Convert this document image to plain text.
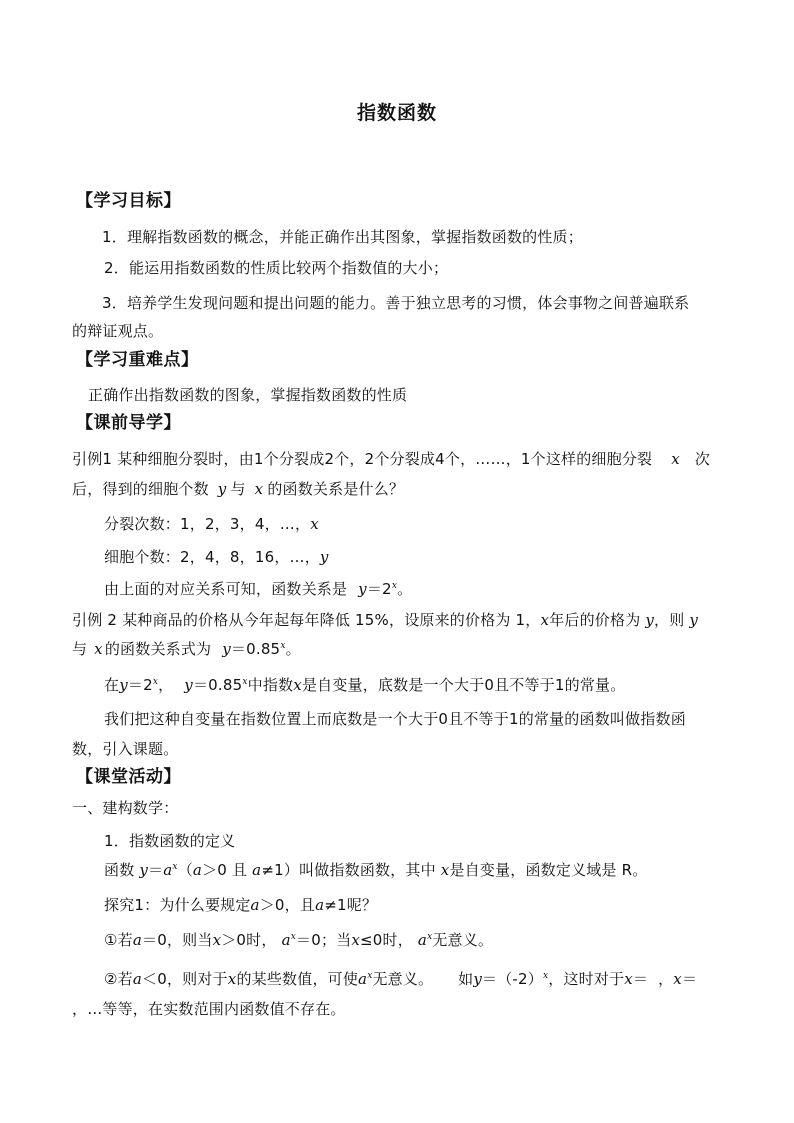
指数函数
【学习目标】
1．理解指数函数的概念，并能正确作出其图象，掌握指数函数的性质；
2．能运用指数函数的性质比较两个指数值的大小；
3．培养学生发现问题和提出问题的能力。善于独立思考的习惯，体会事物之间普遍联系
的辩证观点。
【学习重难点】
正确作出指数函数的图象，掌握指数函数的性质
【课前导学】
引例1 某种细胞分裂时，由1个分裂成2个，2个分裂成4个，……，1个这样的细胞分裂 x 次
后，得到的细胞个数 y 与 x 的函数关系是什么？
分裂次数：1，2，3，4，…，x
细胞个数：2，4，8，16，…，y
由上面的对应关系可知，函数关系是 $y=2^x$。
引例 2 某种商品的价格从今年起每年降低 15%，设原来的价格为 1，x年后的价格为 y，则 y
与 x 的函数关系式为 $y=0.85^x$。
在$y=2^x$， $y=0.85^x$中指数x是自变量，底数是一个大于0且不等于1的常量。
我们把这种自变量在指数位置上而底数是一个大于0且不等于1的常量的函数叫做指数函
数，引入课题。
【课堂活动】
一、建构数学：
1．指数函数的定义
函数 $y=a^x(a>0$ 且 a≠1）叫做指数函数，其中 x是自变量，函数定义域是 R。
探究1：为什么要规定a＞0，且a≠1呢？
①若a＝0，则当x＞0时， $a^x=0$；当x≤0时， $a^x$无意义。
②若a＜0，则对于x的某些数值，可使$a^x$无意义。     如$y=(-2)^x$，这时对于x＝  ，x＝
，…等等，在实数范围内函数值不存在。
